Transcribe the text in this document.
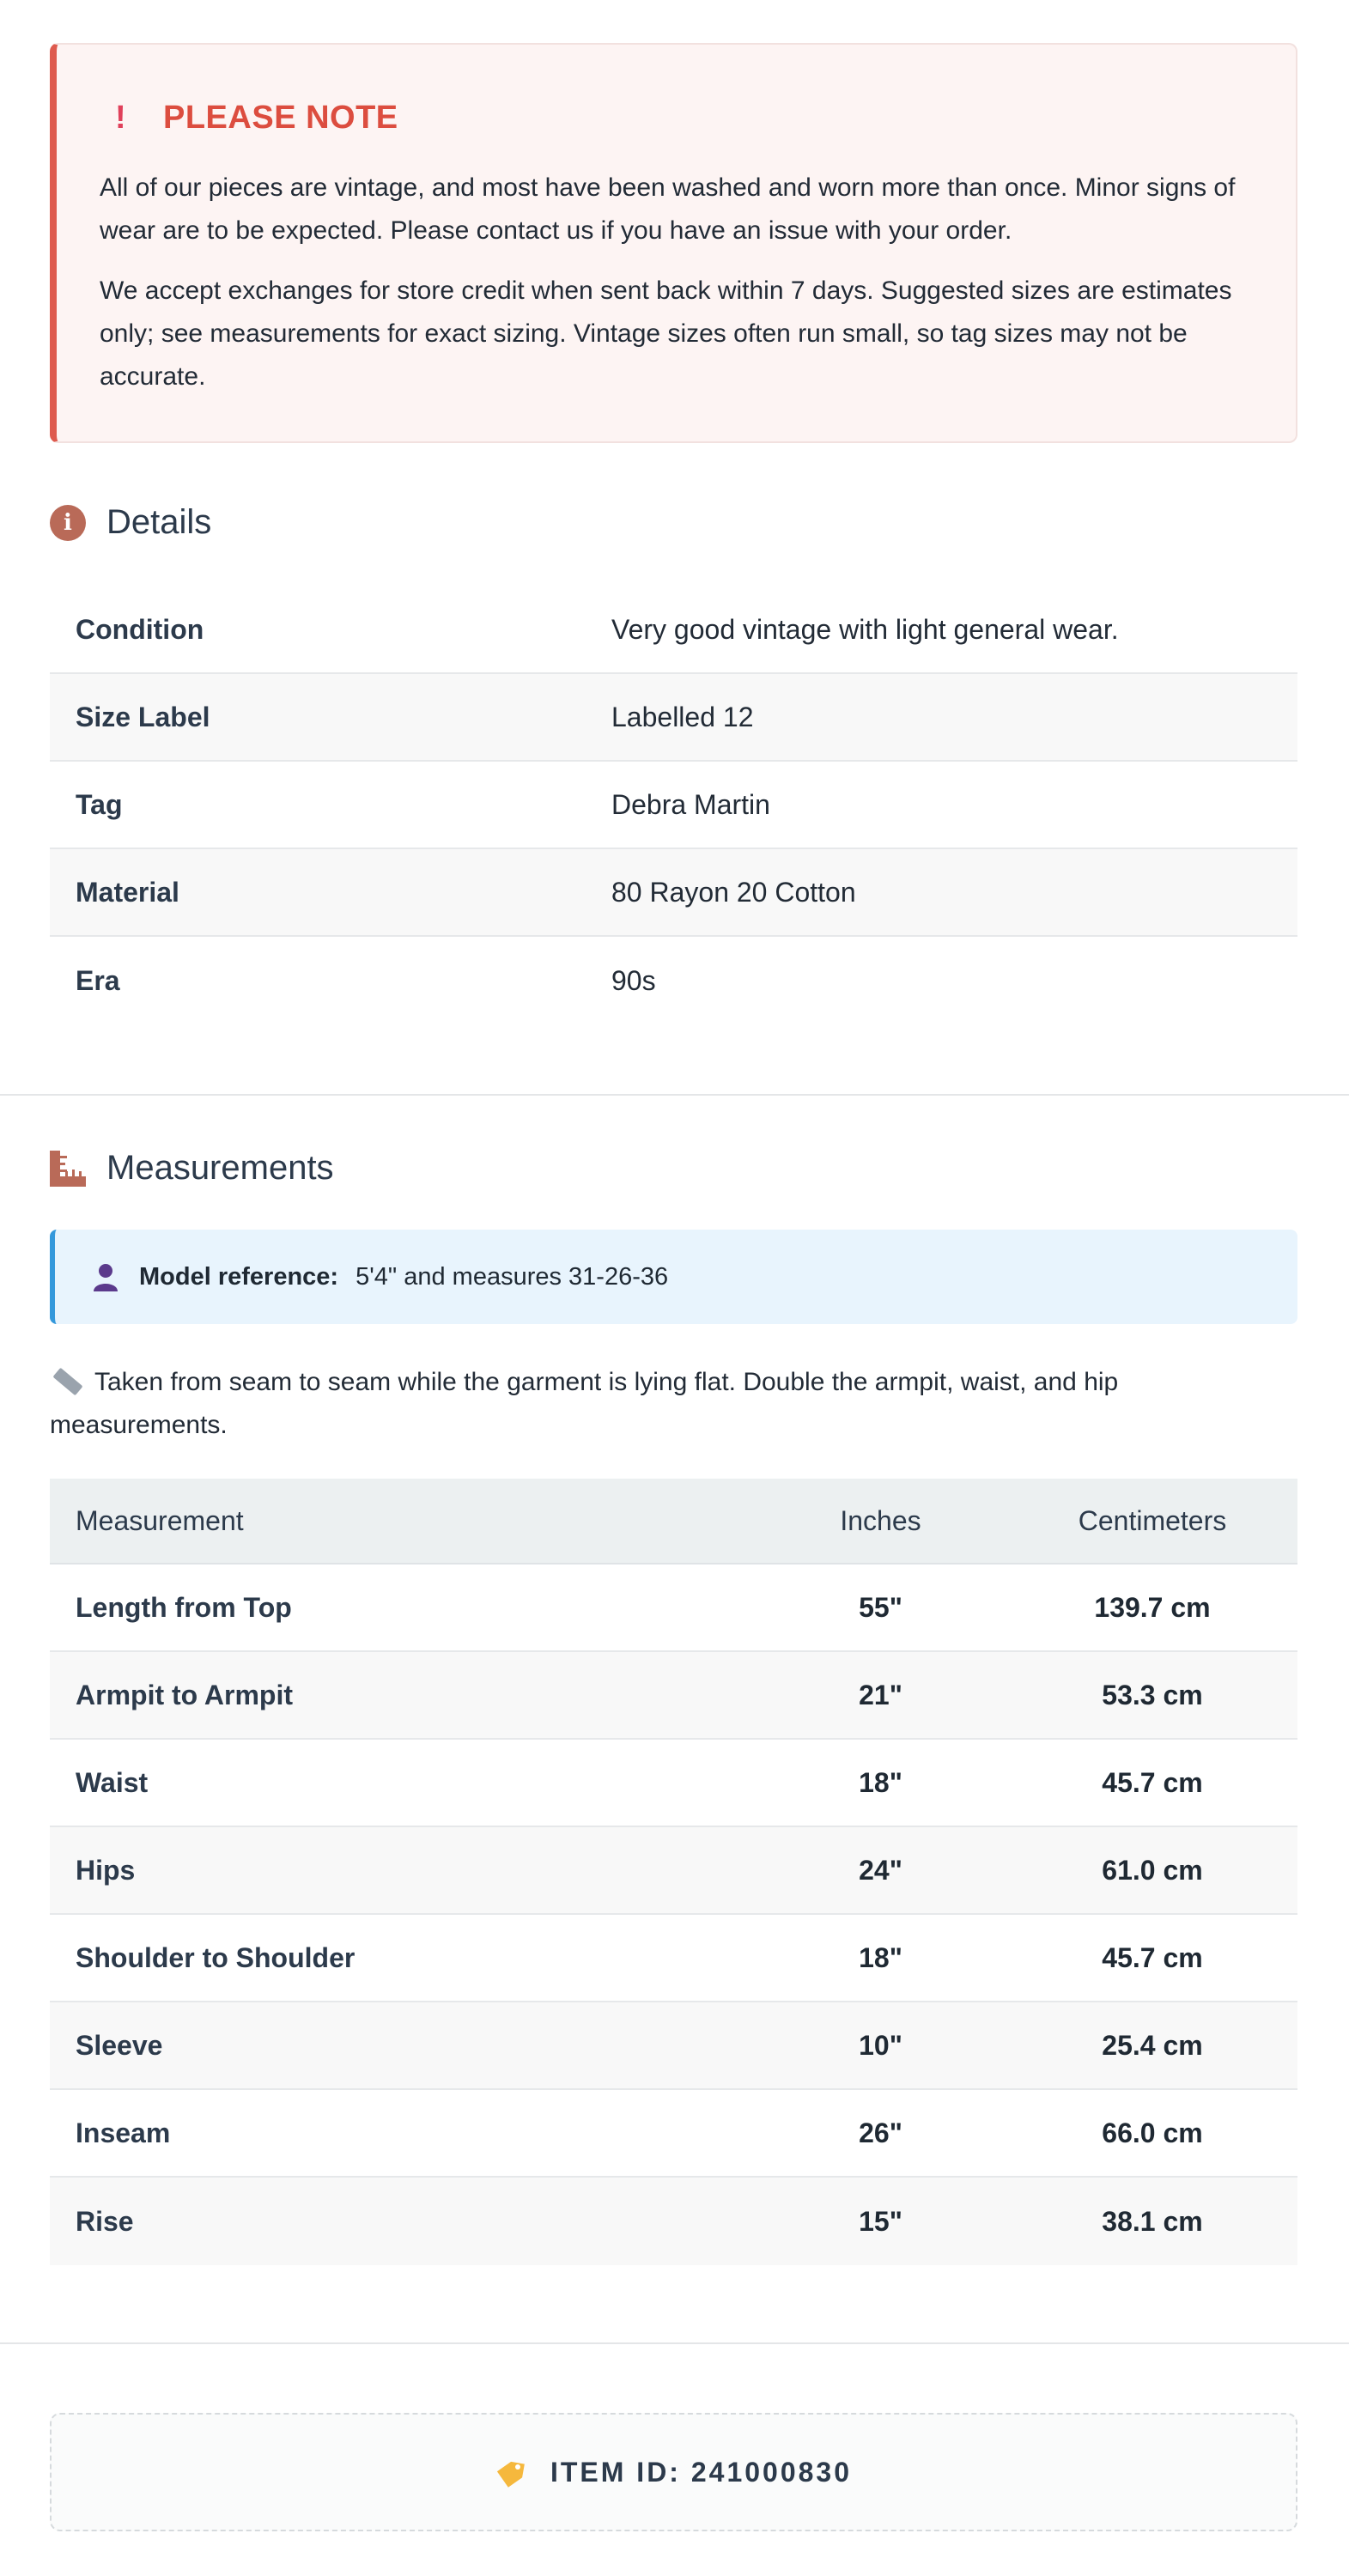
!	PLEASE NOTE

All of our pieces are vintage, and most have been washed and worn more than once. Minor signs of wear are to be expected. Please contact us if you have an issue with your order.

We accept exchanges for store credit when sent back within 7 days. Suggested sizes are estimates only; see measurements for exact sizing. Vintage sizes often run small, so tag sizes may not be accurate.

i	Details
Condition	Very good vintage with light general wear.
Size Label	Labelled 12
Tag	Debra Martin
Material	80 Rayon 20 Cotton
Era	90s
Measurements
Model reference: 5'4" and measures 31-26-36
Taken from seam to seam while the garment is lying flat. Double the armpit, waist, and hip measurements.
Measurement	Inches	Centimeters
Length from Top	55"	139.7 cm
Armpit to Armpit	21"	53.3 cm
Waist	18"	45.7 cm
Hips	24"	61.0 cm
Shoulder to Shoulder	18"	45.7 cm
Sleeve	10"	25.4 cm
Inseam	26"	66.0 cm
Rise	15"	38.1 cm
ITEM ID: 241000830
